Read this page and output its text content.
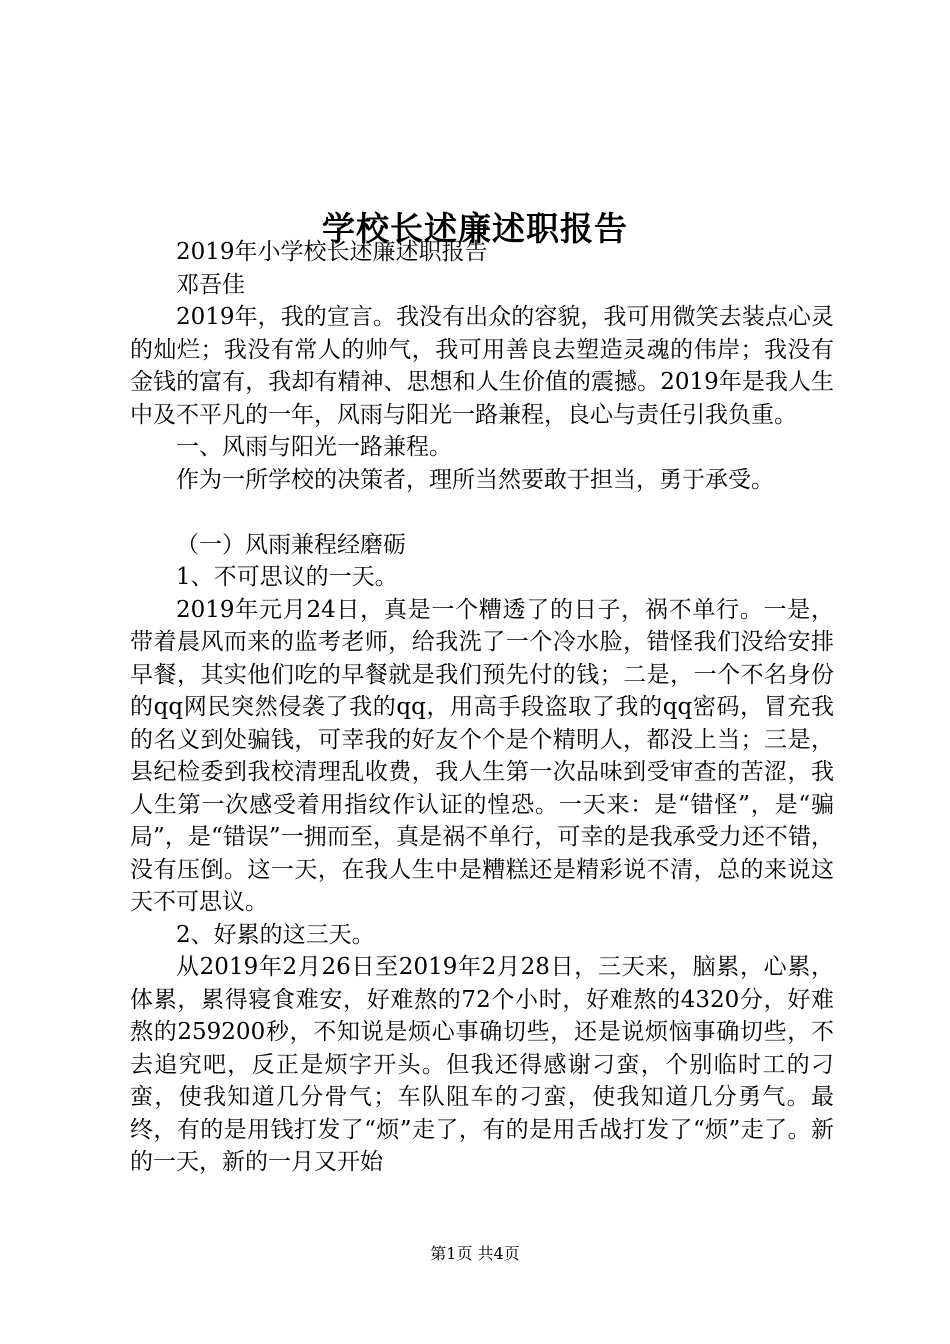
学校长述廉述职报告

2019年小学校长述廉述职报告

邓吾佳

2019年，我的宣言。我没有出众的容貌，我可用微笑去装点心灵的灿烂；我没有常人的帅气，我可用善良去塑造灵魂的伟岸；我没有金钱的富有，我却有精神、思想和人生价值的震撼。2019年是我人生中及不平凡的一年，风雨与阳光一路兼程，良心与责任引我负重。

一、风雨与阳光一路兼程。

作为一所学校的决策者，理所当然要敢于担当，勇于承受。

（一）风雨兼程经磨砺

1、不可思议的一天。

2019年元月24日，真是一个糟透了的日子，祸不单行。一是，带着晨风而来的监考老师，给我洗了一个冷水脸，错怪我们没给安排早餐，其实他们吃的早餐就是我们预先付的钱；二是，一个不名身份的qq网民突然侵袭了我的qq，用高手段盗取了我的qq密码，冒充我的名义到处骗钱，可幸我的好友个个是个精明人，都没上当；三是，县纪检委到我校清理乱收费，我人生第一次品味到受审查的苦涩，我人生第一次感受着用指纹作认证的惶恐。一天来：是“错怪”，是“骗局”，是“错误”一拥而至，真是祸不单行，可幸的是我承受力还不错，没有压倒。这一天，在我人生中是糟糕还是精彩说不清，总的来说这天不可思议。

2、好累的这三天。

从2019年2月26日至2019年2月28日，三天来，脑累，心累，体累，累得寝食难安，好难熬的72个小时，好难熬的4320分，好难熬的259200秒，不知说是烦心事确切些，还是说烦恼事确切些，不去追究吧，反正是烦字开头。但我还得感谢刁蛮，个别临时工的刁蛮，使我知道几分骨气；车队阻车的刁蛮，使我知道几分勇气。最终，有的是用钱打发了“烦”走了，有的是用舌战打发了“烦”走了。新的一天，新的一月又开始

第1页 共4页
